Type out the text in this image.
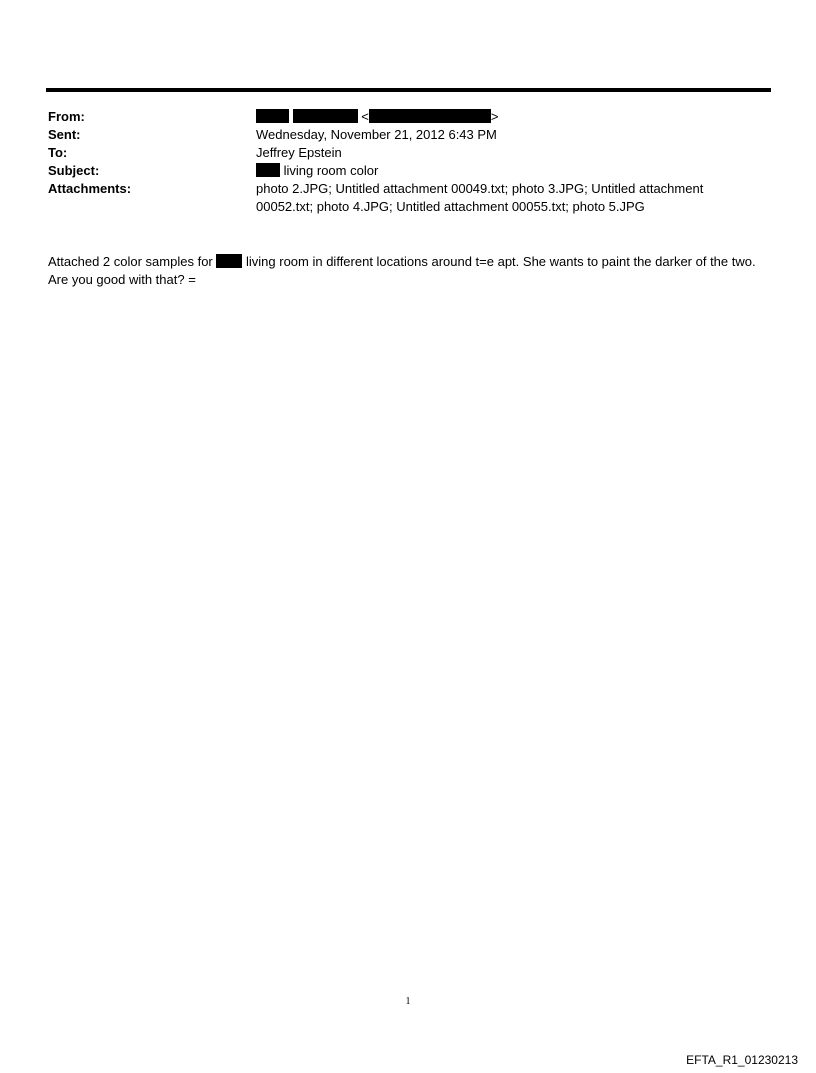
From:	<	>
Sent:	Wednesday, November 21, 2012 6:43 PM
To:	Jeffrey Epstein
Subject:	living room color
Attachments:	photo 2.JPG; Untitled attachment 00049.txt; photo 3.JPG; Untitled attachment
00052.txt; photo 4.JPG; Untitled attachment 00055.txt; photo 5.JPG
Attached 2 color samples for	living room in different locations around t=e apt. She wants to paint the darker of the two. Are you good with that? =
1
EFTA_R1_01230213
